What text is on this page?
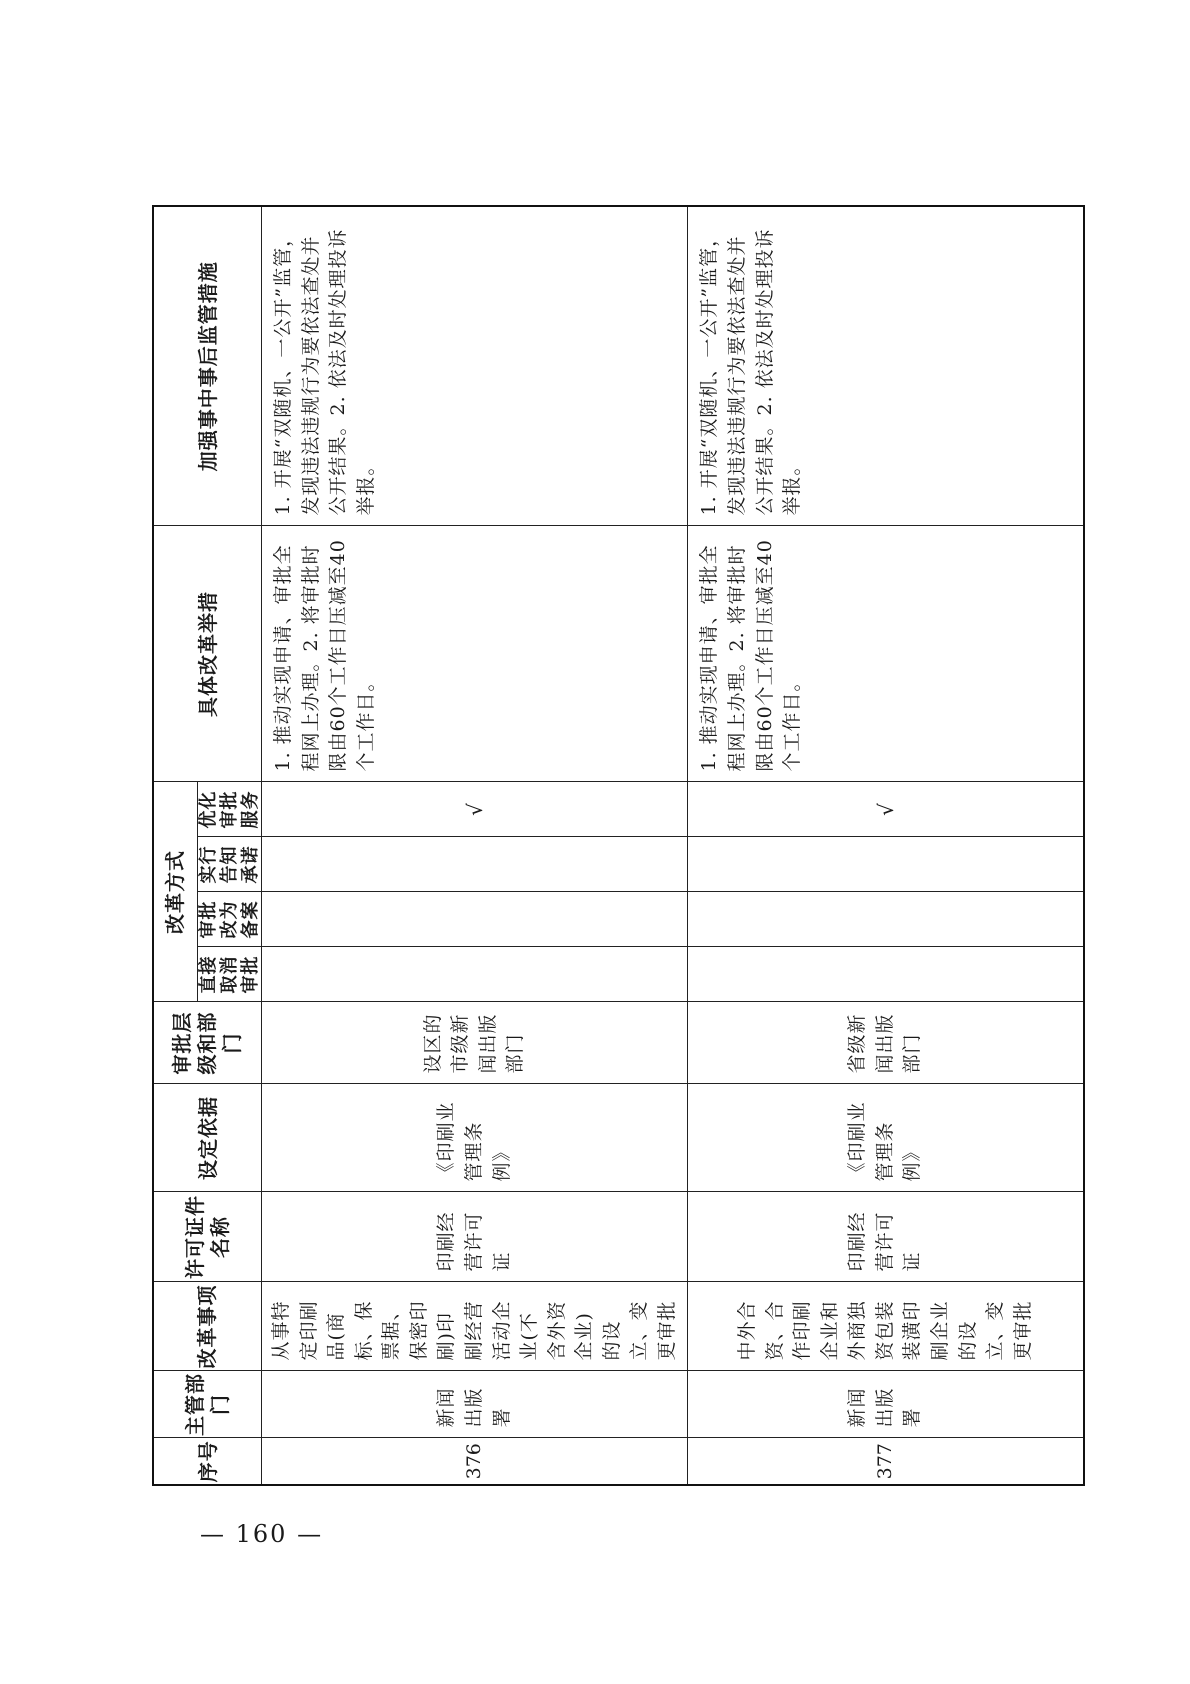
序号	主管部门	改革事项	许可证件名称	设定依据	审批层级和部门	改革方式				具体改革举措	加强事中事后监管措施
						直接取消审批	审批改为备案	实行告知承诺	优化审批服务		
376	新闻出版署	从事特定印刷品(商标、保票据、保密印刷)印刷经营活动企业(不含外资企业)的设立、变更审批	印刷经营许可证	《印刷业管理条例》	设区的市级新闻出版部门				√	1. 推动实现申请、审批全程网上办理。2. 将审批时限由60个工作日压减至40个工作日。	1. 开展“双随机、一公开”监管，发现违法违规行为要依法查处并公开结果。2. 依法及时处理投诉举报。
377	新闻出版署	中外合资、合作印刷企业和外商独资包装装潢印刷企业的设立、变更审批	印刷经营许可证	《印刷业管理条例》	省级新闻出版部门				√	1. 推动实现申请、审批全程网上办理。2. 将审批时限由60个工作日压减至40个工作日。	1. 开展“双随机、一公开”监管，发现违法违规行为要依法查处并公开结果。2. 依法及时处理投诉举报。
— 160 —
